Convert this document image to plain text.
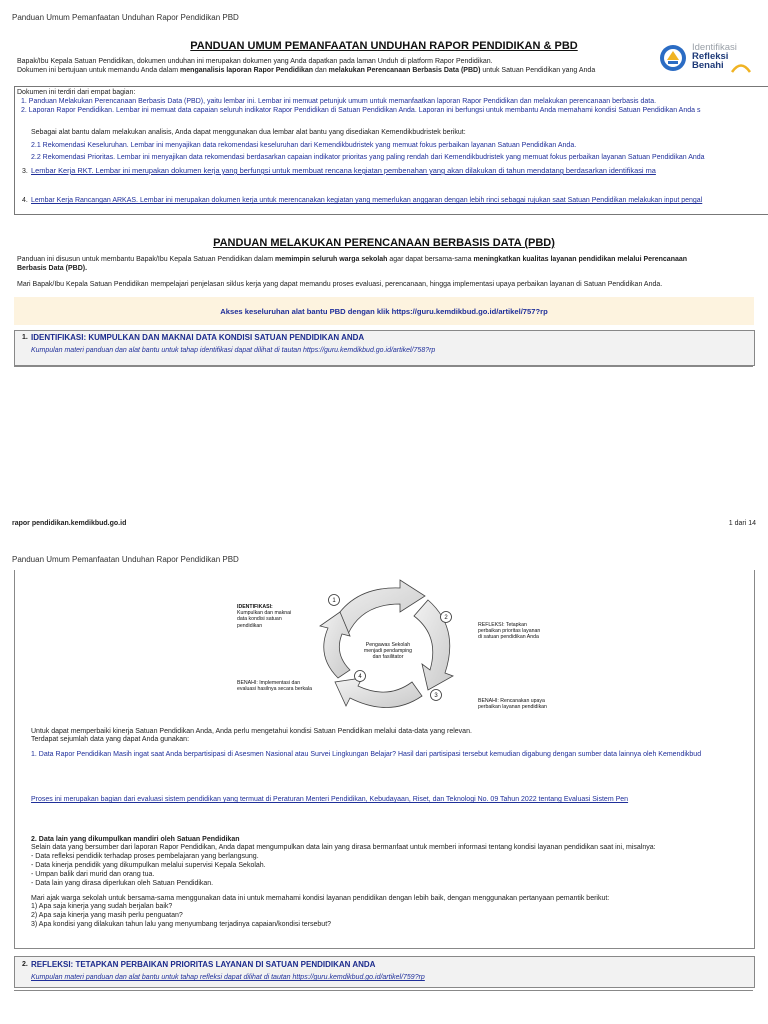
Panduan Umum Pemanfaatan Unduhan Rapor Pendidikan PBD
PANDUAN UMUM PEMANFAATAN UNDUHAN RAPOR PENDIDIKAN & PBD
Bapak/Ibu Kepala Satuan Pendidikan, dokumen unduhan ini merupakan dokumen yang Anda dapatkan pada laman Unduh di platform Rapor Pendidikan.
Dokumen ini bertujuan untuk memandu Anda dalam menganalisis laporan Rapor Pendidikan dan melakukan Perencanaan Berbasis Data (PBD) untuk Satuan Pendidikan yang Anda
Identifikasi
Refleksi
Benahi
Dokumen ini terdiri dari empat bagian:
1. Panduan Melakukan Perencanaan Berbasis Data (PBD), yaitu lembar ini. Lembar ini memuat petunjuk umum untuk memanfaatkan laporan Rapor Pendidikan dan melakukan perencanaan berbasis data.
2. Laporan Rapor Pendidikan. Lembar ini memuat data capaian seluruh indikator Rapor Pendidikan di Satuan Pendidikan Anda. Laporan ini berfungsi untuk membantu Anda memahami kondisi Satuan Pendidikan Anda s
Sebagai alat bantu dalam melakukan analisis, Anda dapat menggunakan dua lembar alat bantu yang disediakan Kemendikbudristek berikut:
2.1 Rekomendasi Keseluruhan. Lembar ini menyajikan data rekomendasi keseluruhan dari Kemendikbudristek yang memuat fokus perbaikan layanan Satuan Pendidikan Anda.
2.2 Rekomendasi Prioritas. Lembar ini menyajikan data rekomendasi berdasarkan capaian indikator prioritas yang paling rendah dari Kemendikbudristek yang memuat fokus perbaikan layanan Satuan Pendidikan Anda
3. Lembar Kerja RKT. Lembar ini merupakan dokumen kerja yang berfungsi untuk membuat rencana kegiatan pembenahan yang akan dilakukan di tahun mendatang berdasarkan identifikasi ma
4. Lembar Kerja Rancangan ARKAS. Lembar ini merupakan dokumen kerja untuk merencanakan kegiatan yang memerlukan anggaran dengan lebih rinci sebagai rujukan saat Satuan Pendidikan melakukan input pengal
PANDUAN MELAKUKAN PERENCANAAN BERBASIS DATA (PBD)
Panduan ini disusun untuk membantu Bapak/Ibu Kepala Satuan Pendidikan dalam memimpin seluruh warga sekolah agar dapat bersama-sama meningkatkan kualitas layanan pendidikan melalui Perencanaan
Berbasis Data (PBD).
Mari Bapak/Ibu Kepala Satuan Pendidikan mempelajari penjelasan siklus kerja yang dapat memandu proses evaluasi, perencanaan, hingga implementasi upaya perbaikan layanan di Satuan Pendidikan Anda.
Akses keseluruhan alat bantu PBD dengan klik https://guru.kemdikbud.go.id/artikel/757?rp
1. IDENTIFIKASI: KUMPULKAN DAN MAKNAI DATA KONDISI SATUAN PENDIDIKAN ANDA
Kumpulan materi panduan dan alat bantu untuk tahap identifikasi dapat dilihat di tautan https://guru.kemdikbud.go.id/artikel/758?rp
rapor pendidikan.kemdikbud.go.id	1 dari 14
Panduan Umum Pemanfaatan Unduhan Rapor Pendidikan PBD
1
2
3
4
IDENTIFIKASI:
Kumpulkan dan maknai
data kondisi satuan
pendidikan	REFLEKSI: Tetapkan
perbaikan prioritas layanan
di satuan pendidikan Anda
Pengawas Sekolah
menjadi pendamping
dan fasilitator
BENAHI: Implementasi dan
evaluasi hasilnya secara berkala
BENAHI: Rencanakan upaya
perbaikan layanan pendidikan
Untuk dapat memperbaiki kinerja Satuan Pendidikan Anda, Anda perlu mengetahui kondisi Satuan Pendidikan melalui data-data yang relevan.
Terdapat sejumlah data yang dapat Anda gunakan:
1. Data Rapor Pendidikan Masih ingat saat Anda berpartisipasi di Asesmen Nasional atau Survei Lingkungan Belajar? Hasil dari partisipasi tersebut kemudian digabung dengan sumber data lainnya oleh Kemendikbud
Proses ini merupakan bagian dari evaluasi sistem pendidikan yang termuat di Peraturan Menteri Pendidikan, Kebudayaan, Riset, dan Teknologi No. 09 Tahun 2022 tentang Evaluasi Sistem Pen
2. Data lain yang dikumpulkan mandiri oleh Satuan Pendidikan
Selain data yang bersumber dari laporan Rapor Pendidikan, Anda dapat mengumpulkan data lain yang dirasa bermanfaat untuk memberi informasi tentang kondisi layanan pendidikan saat ini, misalnya:
- Data refleksi pendidik terhadap proses pembelajaran yang berlangsung.
- Data kinerja pendidik yang dikumpulkan melalui supervisi Kepala Sekolah.
- Umpan balik dari murid dan orang tua.
- Data lain yang dirasa diperlukan oleh Satuan Pendidikan.
Mari ajak warga sekolah untuk bersama-sama menggunakan data ini untuk memahami kondisi layanan pendidikan dengan lebih baik, dengan menggunakan pertanyaan pemantik berikut:
1) Apa saja kinerja yang sudah berjalan baik?
2) Apa saja kinerja yang masih perlu penguatan?
3) Apa kondisi yang dilakukan tahun lalu yang menyumbang terjadinya capaian/kondisi tersebut?
2. REFLEKSI: TETAPKAN PERBAIKAN PRIORITAS LAYANAN DI SATUAN PENDIDIKAN ANDA
Kumpulan materi panduan dan alat bantu untuk tahap refleksi dapat dilihat di tautan https://guru.kemdikbud.go.id/artikel/759?rp
